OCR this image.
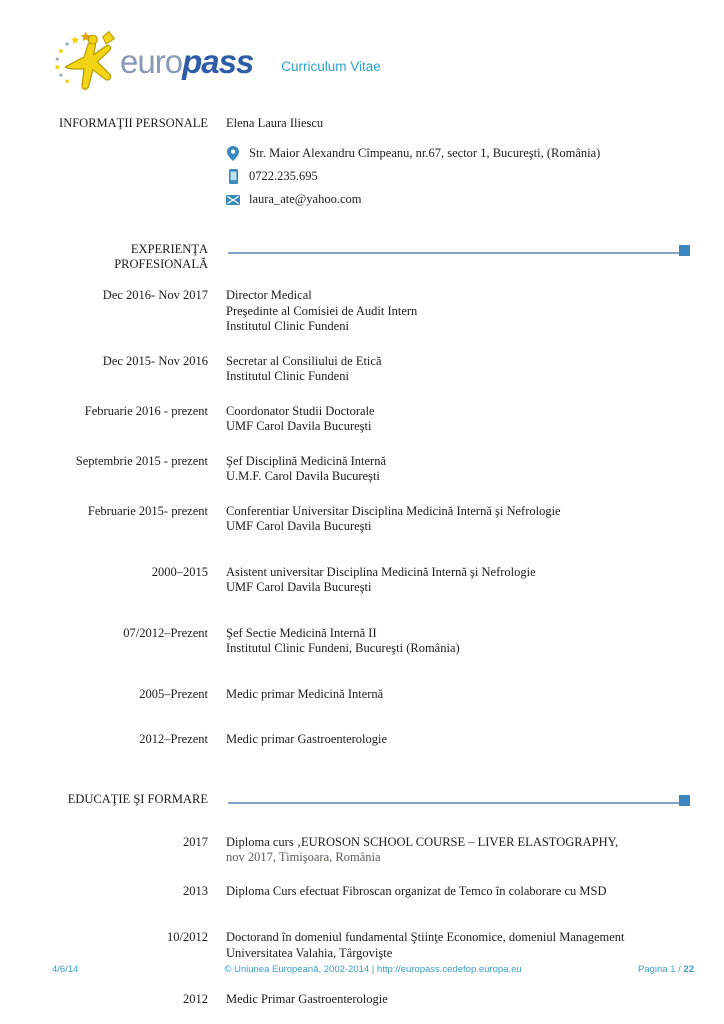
europass Curriculum Vitae
INFORMAŢII PERSONALE Elena Laura Iliescu
Str. Maior Alexandru Cîmpeanu, nr.67, sector 1, Bucureşti, (România)
0722.235.695
laura_ate@yahoo.com
EXPERIENŢA
PROFESIONALĂ
Dec 2016- Nov 2017 Director Medical
Preşedinte al Comisiei de Audit Intern
Institutul Clinic Fundeni
Dec 2015- Nov 2016 Secretar al Consiliului de Etică
Institutul Clinic Fundeni
Februarie 2016 - prezent Coordonator Studii Doctorale
UMF Carol Davila Bucureşti
Septembrie 2015 - prezent Şef Disciplină Medicină Internă
U.M.F. Carol Davila Bucureşti
Februarie 2015- prezent Conferentiar Universitar Disciplina Medicină Internă şi Nefrologie
UMF Carol Davila Bucureşti
2000–2015 Asistent universitar Disciplina Medicină Internă şi Nefrologie
UMF Carol Davila Bucureşti
07/2012–Prezent Şef Sectie Medicină Internă II
Institutul Clinic Fundeni, Bucureşti (România)
2005–Prezent Medic primar Medicină Internă
2012–Prezent Medic primar Gastroenterologie
EDUCAŢIE ŞI FORMARE
2017 Diploma curs ‚EUROSON SCHOOL COURSE – LIVER ELASTOGRAPHY,
nov 2017, Timişoara, România
2013 Diploma Curs efectuat Fibroscan organizat de Temco în colaborare cu MSD
10/2012 Doctorand în domeniul fundamental Ştiinţe Economice, domeniul Management
Universitatea Valahia, Târgovişte
2012 Medic Primar Gastroenterologie
4/6/14	© Uniunea Europeană, 2002-2014 | http://europass.cedefop.europa.eu	Pagina 1 / 22
